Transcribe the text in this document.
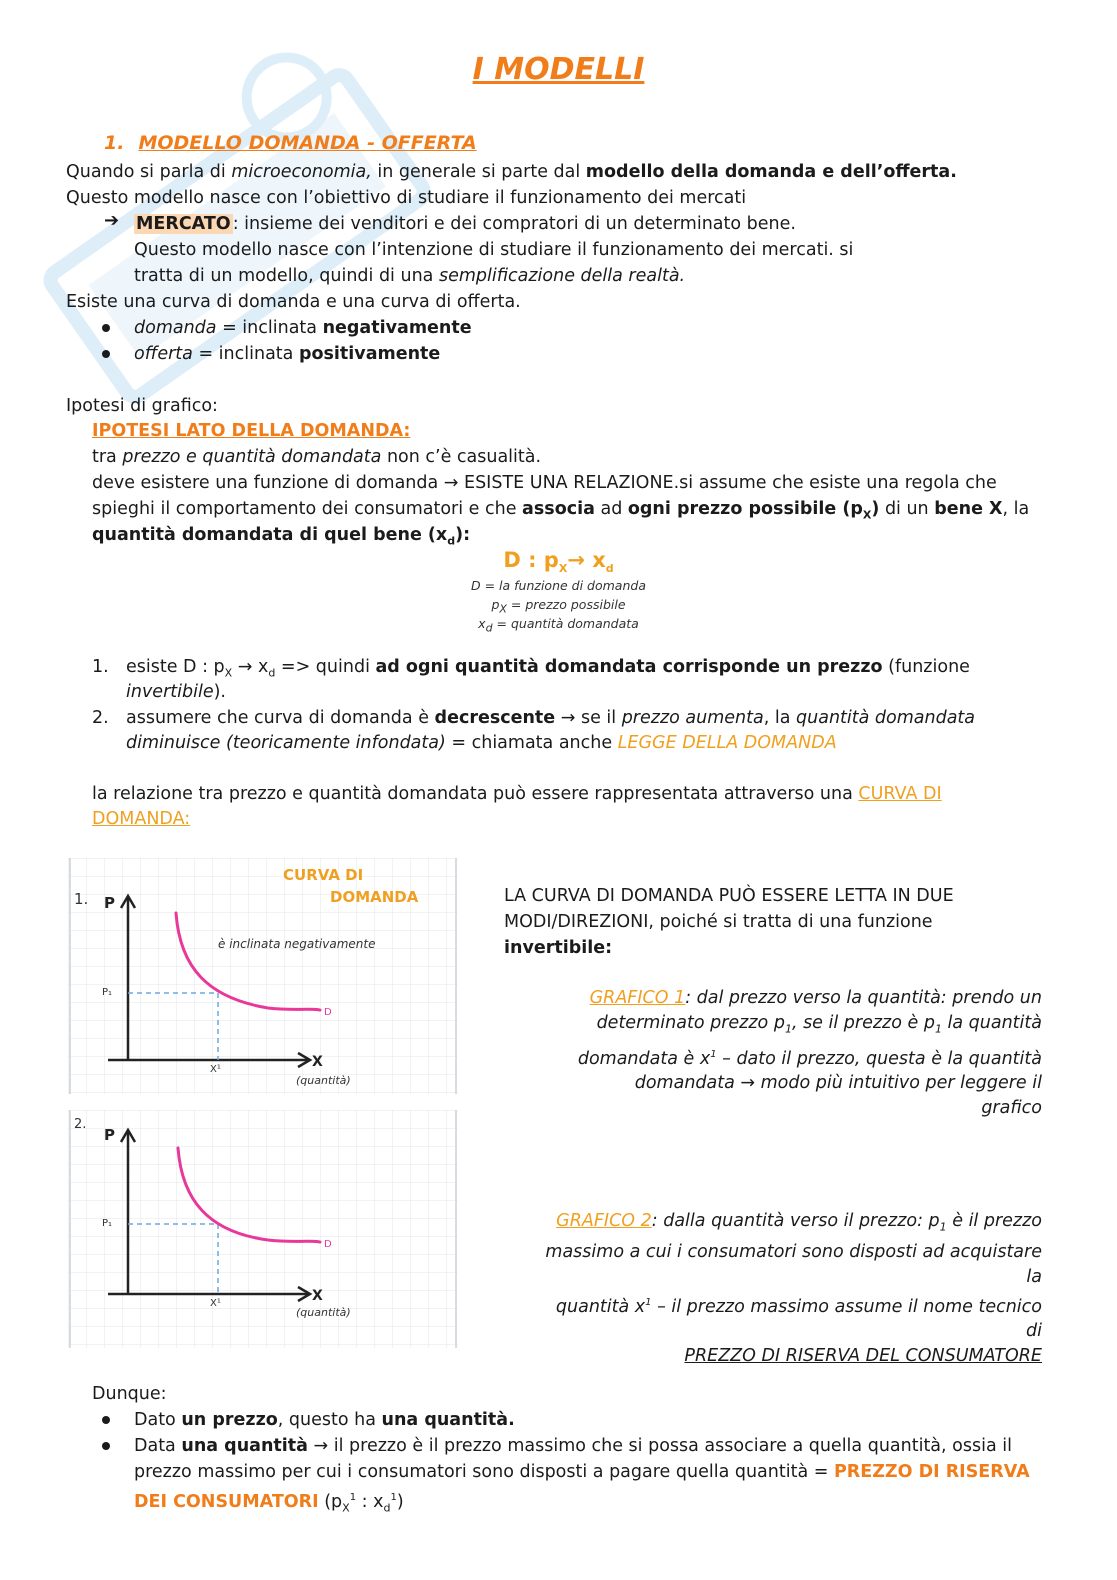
I MODELLI
1. MODELLO DOMANDA - OFFERTA
Quando si parla di microeconomia, in generale si parte dal modello della domanda e dell’offerta.
Questo modello nasce con l’obiettivo di studiare il funzionamento dei mercati
➔ MERCATO : insieme dei venditori e dei compratori di un determinato bene.
Questo modello nasce con l’intenzione di studiare il funzionamento dei mercati. si
tratta di un modello, quindi di una semplificazione della realtà.
Esiste una curva di domanda e una curva di offerta.
domanda = inclinata negativamente
offerta = inclinata positivamente
Ipotesi di grafico:
IPOTESI LATO DELLA DOMANDA:
tra prezzo e quantità domandata non c’è casualità.
deve esistere una funzione di domanda → ESISTE UNA RELAZIONE.si assume che esiste una regola che
spieghi il comportamento dei consumatori e che associa ad ogni prezzo possibile $(p_X)$ di un bene X, la
quantità domandata di quel bene $(x_d)$:
D : $p_X\to x_d$
D = la funzione di domanda
$p_X$ = prezzo possibile
$x_d$ = quantità domandata
1. esiste D : $p_X \to x_d$ => quindi ad ogni quantità domandata corrisponde un prezzo (funzione
invertibile).
2. assumere che curva di domanda è decrescente → se il prezzo aumenta, la quantità domandata
diminuisce (teoricamente infondata) = chiamata anche LEGGE DELLA DOMANDA
la relazione tra prezzo e quantità domandata può essere rappresentata attraverso una CURVA DI
DOMANDA:
1. P
CURVA DI
DOMANDA
è inclinata negativamente
X
P₁
X¹
(quantità)
D
2.
P
X
P₁
X¹
(quantità)
D
LA CURVA DI DOMANDA PUÒ ESSERE LETTA IN DUE
MODI/DIREZIONI, poiché si tratta di una funzione
invertibile:
GRAFICO 1: dal prezzo verso la quantità: prendo un
determinato prezzo $p_1$, se il prezzo è $p_1$ la quantità
domandata è $x^1$ – dato il prezzo, questa è la quantità
domandata → modo più intuitivo per leggere il
grafico
GRAFICO 2: dalla quantità verso il prezzo: $p_1$ è il prezzo
massimo a cui i consumatori sono disposti ad acquistare la
quantità $x^1$ – il prezzo massimo assume il nome tecnico di
PREZZO DI RISERVA DEL CONSUMATORE
Dunque:
Dato un prezzo, questo ha una quantità.
Data una quantità → il prezzo è il prezzo massimo che si possa associare a quella quantità, ossia il
prezzo massimo per cui i consumatori sono disposti a pagare quella quantità = PREZZO DI RISERVA
DEI CONSUMATORI ($p_X^1$ : $x_d^1$)
